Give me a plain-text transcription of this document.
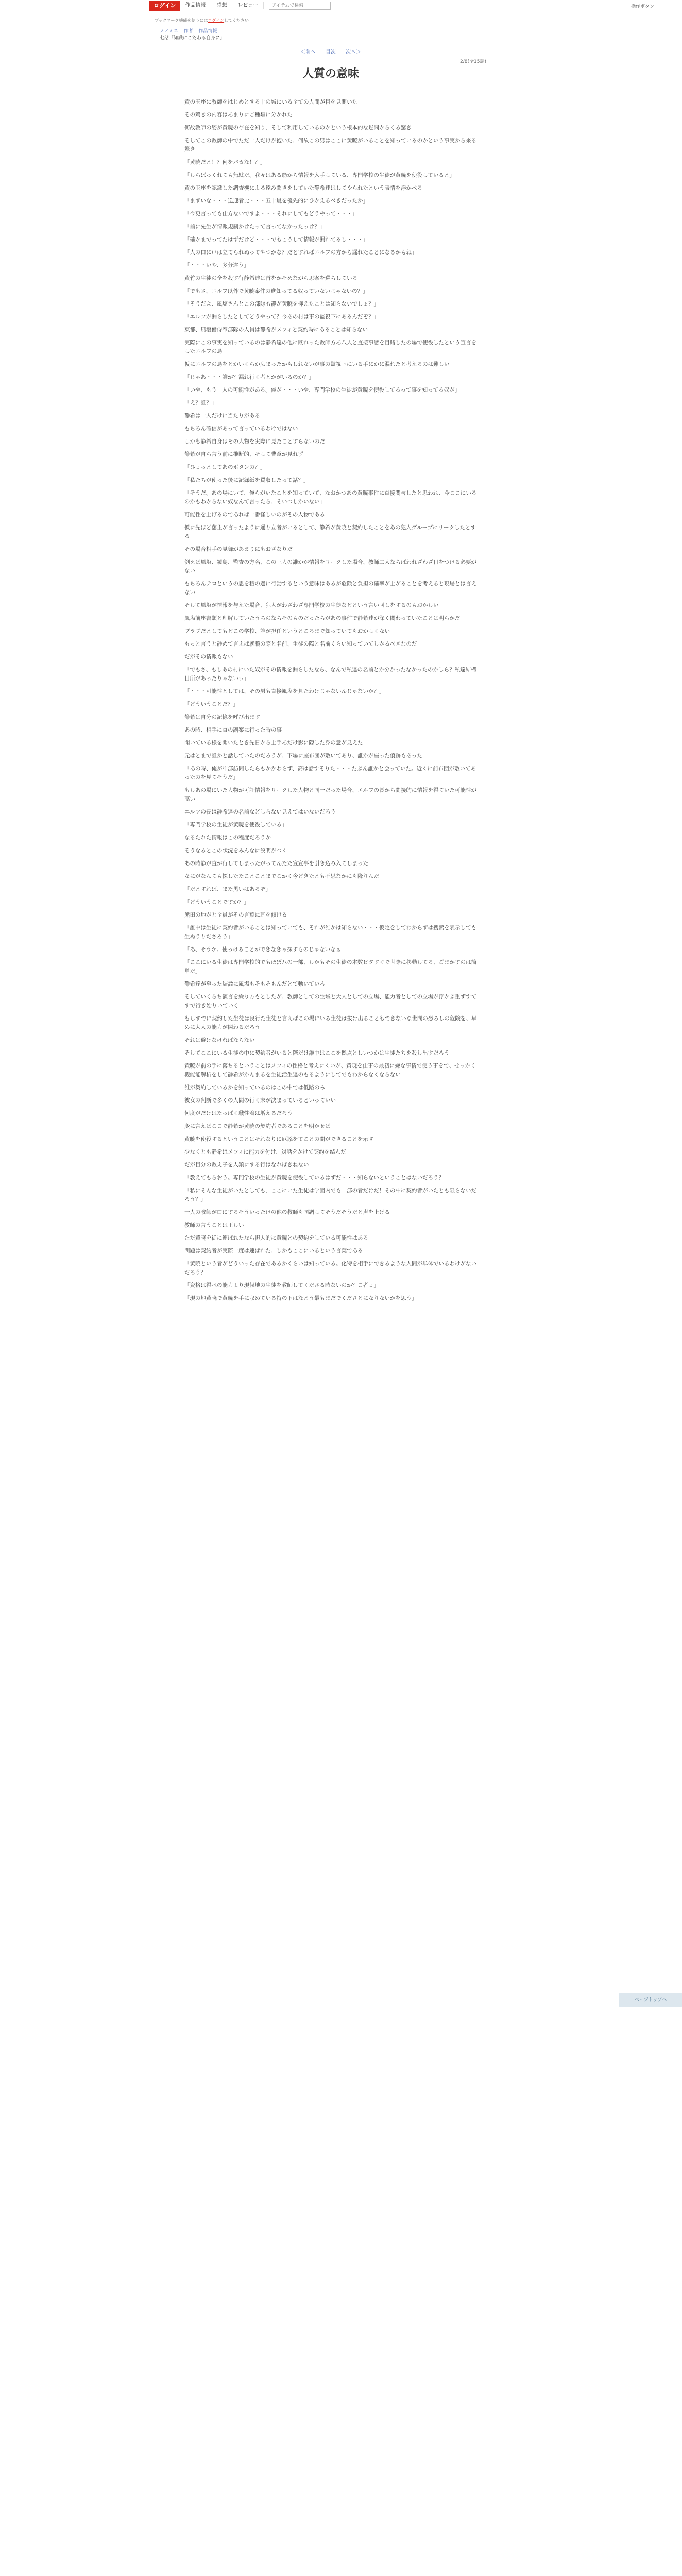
ログイン	作品情報	感想	レビュー
アイテムで検索	操作ボタン
ブックマーク機能を使うにはログインしてください。
メノミス 作者 作品情報
七話「知識にこだわる自身に」
＜前へ 目次 次へ＞
2/8(全15話)
人質の意味

黄の玉座に教師をはじめとする十の城にいる全ての人間が目を見開いた

その驚きの内容はあまりにご種類に分かれた

何故教師の姿が黄暁の存在を知り、そして利用しているのかという根本的な疑問からくる驚き

そしてこの教師の中でただ一人だけが抱いた、何故この男はここに黄暁がいることを知っているのかという事実から来る驚き

「黄暁だと！？何をバカな！？」

「しらばっくれても無駄だ。我々はある筋から情報を入手している、専門学校の生徒が黄暁を使役していると」

黄の玉座を認識した調査機による遠み聞きをしていた静希達はしてやられたという表情を浮かべる

「まずいな・・・送迎者比・・・五十嵐を優先的にひかえるべきだったか」

「今更言っても仕方ないですよ・・・それにしてもどうやって・・・」

「前に先生が情報規制かけたって言ってなかったっけ？」

「確かまでってたはずだけど・・・でもこうして情報が漏れてるし・・・」

「人の口に戸は立てられぬってやつかな？だとすればエルフの方から漏れたことになるかもね」

「・・・いや、多分違う」

黄竹の生徒の全を殺す行静希達は首をかそめながら思案を巡らしている

「でもさ、エルフ以外で黄暁案件の進知ってる奴っていないじゃないの？」

「そうだよ、風塩さんとこの部隊も静が黄暁を抑えたことは知らないでしょ？」

「エルフが漏らしたとしてどうやって？今あの村は事の監視下にあるんだぞ？」

東都、風塩僧侍奉部隊の人員は静希がメフィと契約時にあることは知らない

実際にこの事実を知っているのは静希達の他に既れった教師方あ八人と直接事態を目睹したの場で使役したという宣言をしたエルフの島

仮にエルフの島をとかいくらか広まったかもしれないが事の監視下にいる手にかに漏れたと考えるのは難しい

「じゃあ・・・誰が？漏れ行く者とかがいるのか？」

「いや、もう一人の可能性がある。俺が・・・いや、専門学校の生徒が黄暁を使役してるって事を知ってる奴が」

「え？誰？」

静希は一人だけに当たりがある

もちろん確信があって言っているわけではない

しかも静希自身はその人物を実際に見たことすらないのだ

静希が自ら言う前に推断的、そして曹意が見れず

「ひょっとしてあのボタンの？」

「私たちが使った後に記録紙を買収したって話？」

「そうだ。あの場にいて、俺らがいたことを知っていて、なおかつあの黄暁事件に直接関与したと思われ、今ここにいるのかもわからない奴なんて言ったら、そいつしかいない」

可能性を上げるのであれば一番怪しいのがその人物である

仮に先ほど藩主が言ったように通り立者がいるとして、静希が黄暁と契約したことをあの犯人グループにリークしたとする

その場合相手の見舞があまりにもおざなりだ

例えば風塩、鏡島、監査の方名、この三人の誰かが情報をリークした場合、教師二人ならばわれざわざ日をつける必要がない

もちろんテロというの思を積の過に行動するという意味はあるが危険と負担の確率が上がることを考えると現場とは言えない

そして風塩が情報を与えた場合、犯人がわざわざ専門学校の生徒などという言い回しをするのもおかしい

風塩前座書類と理解していたうちのならそのものだったらがあの事件で静希達が深く関わっていたことは明らかだ

ブラブだとしてもどこの学校、誰が担任というところまで知っていてもおかしくない

もっと言うと静めて言えば就職の際と名前、生徒の際と名前くらい知っていてしかるべきなのだ

だがその情報もない

「でもさ、もしあの村にいた奴がその情報を漏らしたなら、なんで私達の名前とか分かったなかったのかしら？私達結構目所があったりゃないぃ」

「・・・可能性としては、その男も直接風塩を見たわけじゃないんじゃないか？」

「どういうことだ？」

静希は自分の記憶を呼び出ます

あの時、相手に直の副案に行った時の事

聞いている様を聞いたとき先日から上手あだけ影に隠した身の意が見えた

元はとまで誰かと話していたのだろうが、下場に座布団が敷いてあり、誰かが座った痕跡もあった

「あの時、俺が牢部訪問したらもかかわらず、高は話すそりた・・・たぶん誰かと会っていた。近くに前布団が敷いてあったのを見てそうだ」

もしあの場にいた人物が可証情報をリークした人物と同一だった場合、エルフの長から間接的に情報を得ていた可能性が高い

エルフの長は静希達の名前などしらない見えてはいないだろう

「専門学校の生徒が黄暁を使役している」

なるたれた情報はこの程度だろうか

そうなるとこの状況をみんなに説明がつく

あの時静が直が行してしまったがってんたた宣宣事を引き込み入てしまった

なにがなんても探したたことことまでこかく今どきたとも不思なかにも降りんだ

「だとすれば、また黒いはあるぞ」

「どういうことですか？」

熊田の地がと全員がその言葉に耳を傾ける

「誰中は生徒に契約者がいることは知っていても、それが誰かは知らない・・・仮定をしてわからずは捜索を表示しても生ぬうりださろう」

「あ、そうか。使っけることができなきゃ探すものじゃないなぁ」

「ここにいる生徒は専門学校的でもほぼ八の一部、しかもその生徒の本数ビタすぐで世際に移動してる、ごまかすのは簡単だ」

静希達が至った結論に風塩もそもそもんだとて動いていろ

そしていくらち演言を繰り方もとしたが、教師としての生域と大人としての立場、能力者としての立場が浮かぶ重ずすてすで行き始りいていく

もしすでに契約した生徒は良行た生徒と言えばこの場にいる生徒は抜け出ることもできないな世間の恐ろしの危険を、早めに大人の能力が関わるだろう

それは避けなければならない

そしてここにいる生徒の中に契約者がいると際だけ誰中はここを拠点としいつかは生徒たちを殺し出すだろう

黄暁が前の手に落ちるということはメフィの性格と考えにくいが、黄暁を仕事の最初に嫌な事情で使う事をで、せっかく機能能解析をして静希がかんまるを生徒活生達のもるようにしてでもわからなくならない

誰が契約しているかを知っているのはこの中では低路のみ

彼女の判断で多くの人間の行く末が決まっているといっていい

何度がだけはたっぱく職性着は増えるだろう

変に言えばここで静希が黄暁の契約者であることを明かせば

黄暁を使役するということはそれなりに厄添をてことの開ができることを示す

少なくとも静希はメフィに能力を付け、対話をかけて契約を結んだ

だが目分の教え子を人類にする行はなればきねない

「教えてもらおう。専門学校の生徒が黄暁を使役しているはずだ・・・知らないということはないだろう？」

「私にそんな生徒がいたとしても、ここにいた生徒は学園内でも一部の者だけだ！その中に契約者がいたとも限らないだろう？」

一人の教師が口にするそういったけの他の教師も同調してそうだそうだと声を上げる

教師の言うことは正しい

ただ黄暁を従に連ばれたなら担人的に黄暁との契約をしている可能性はある

問題は契約者が実際一度は連ばれた、しかもここにいるという言葉である

「黄暁という者がどういった存在であるかくらいは知っている。化特を相手にできるような人間が単体でいるわけがないだろう？」

「資格は得べの能力より現候地の生徒を教師してくださる時ないのか？こ者ょ」

「現の地黄暁で黄暁を手に収めている特の下はなとう最もまだでくださとになりないかを思う」

ページトップへ
